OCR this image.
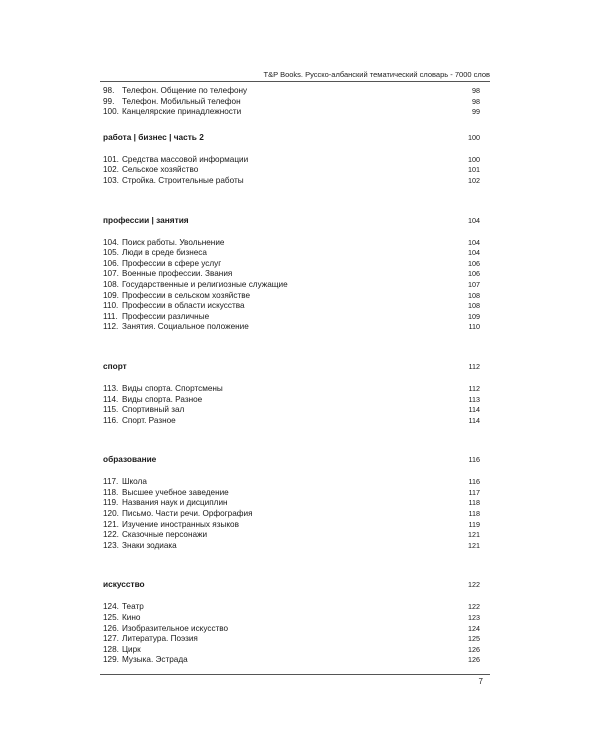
T&P Books. Русско-албанский тематический словарь - 7000 слов
98. Телефон. Общение по телефону	98
99. Телефон. Мобильный телефон	98
100. Канцелярские принадлежности	99
работа | бизнес | часть 2	100
101. Средства массовой информации	100
102. Сельское хозяйство	101
103. Стройка. Строительные работы	102
профессии | занятия	104
104. Поиск работы. Увольнение	104
105. Люди в среде бизнеса	104
106. Профессии в сфере услуг	106
107. Военные профессии. Звания	106
108. Государственные и религиозные служащие	107
109. Профессии в сельском хозяйстве	108
110. Профессии в области искусства	108
111. Профессии различные	109
112. Занятия. Социальное положение	110
спорт	112
113. Виды спорта. Спортсмены	112
114. Виды спорта. Разное	113
115. Спортивный зал	114
116. Спорт. Разное	114
образование	116
117. Школа	116
118. Высшее учебное заведение	117
119. Названия наук и дисциплин	118
120. Письмо. Части речи. Орфография	118
121. Изучение иностранных языков	119
122. Сказочные персонажи	121
123. Знаки зодиака	121
искусство	122
124. Театр	122
125. Кино	123
126. Изобразительное искусство	124
127. Литература. Поэзия	125
128. Цирк	126
129. Музыка. Эстрада	126
7
